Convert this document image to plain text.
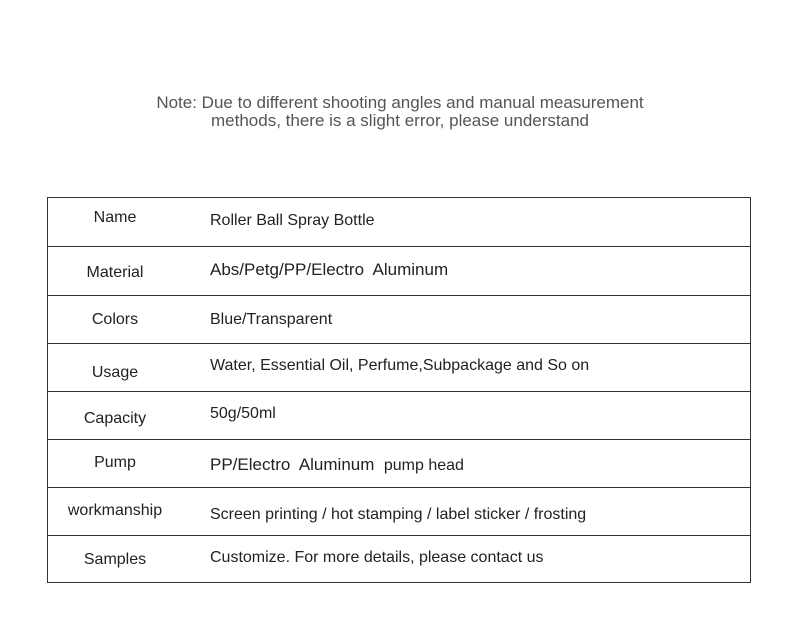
Note: Due to different shooting angles and manual measurement
methods, there is a slight error, please understand
Name	Roller Ball Spray Bottle
Material	Abs/Petg/PP/Electro  Aluminum
Colors	Blue/Transparent
Usage	Water, Essential Oil, Perfume,Subpackage and So on
Capacity	50g/50ml
Pump	PP/Electro  Aluminum pump head
workmanship	Screen printing / hot stamping / label sticker / frosting
Samples	Customize. For more details, please contact us
